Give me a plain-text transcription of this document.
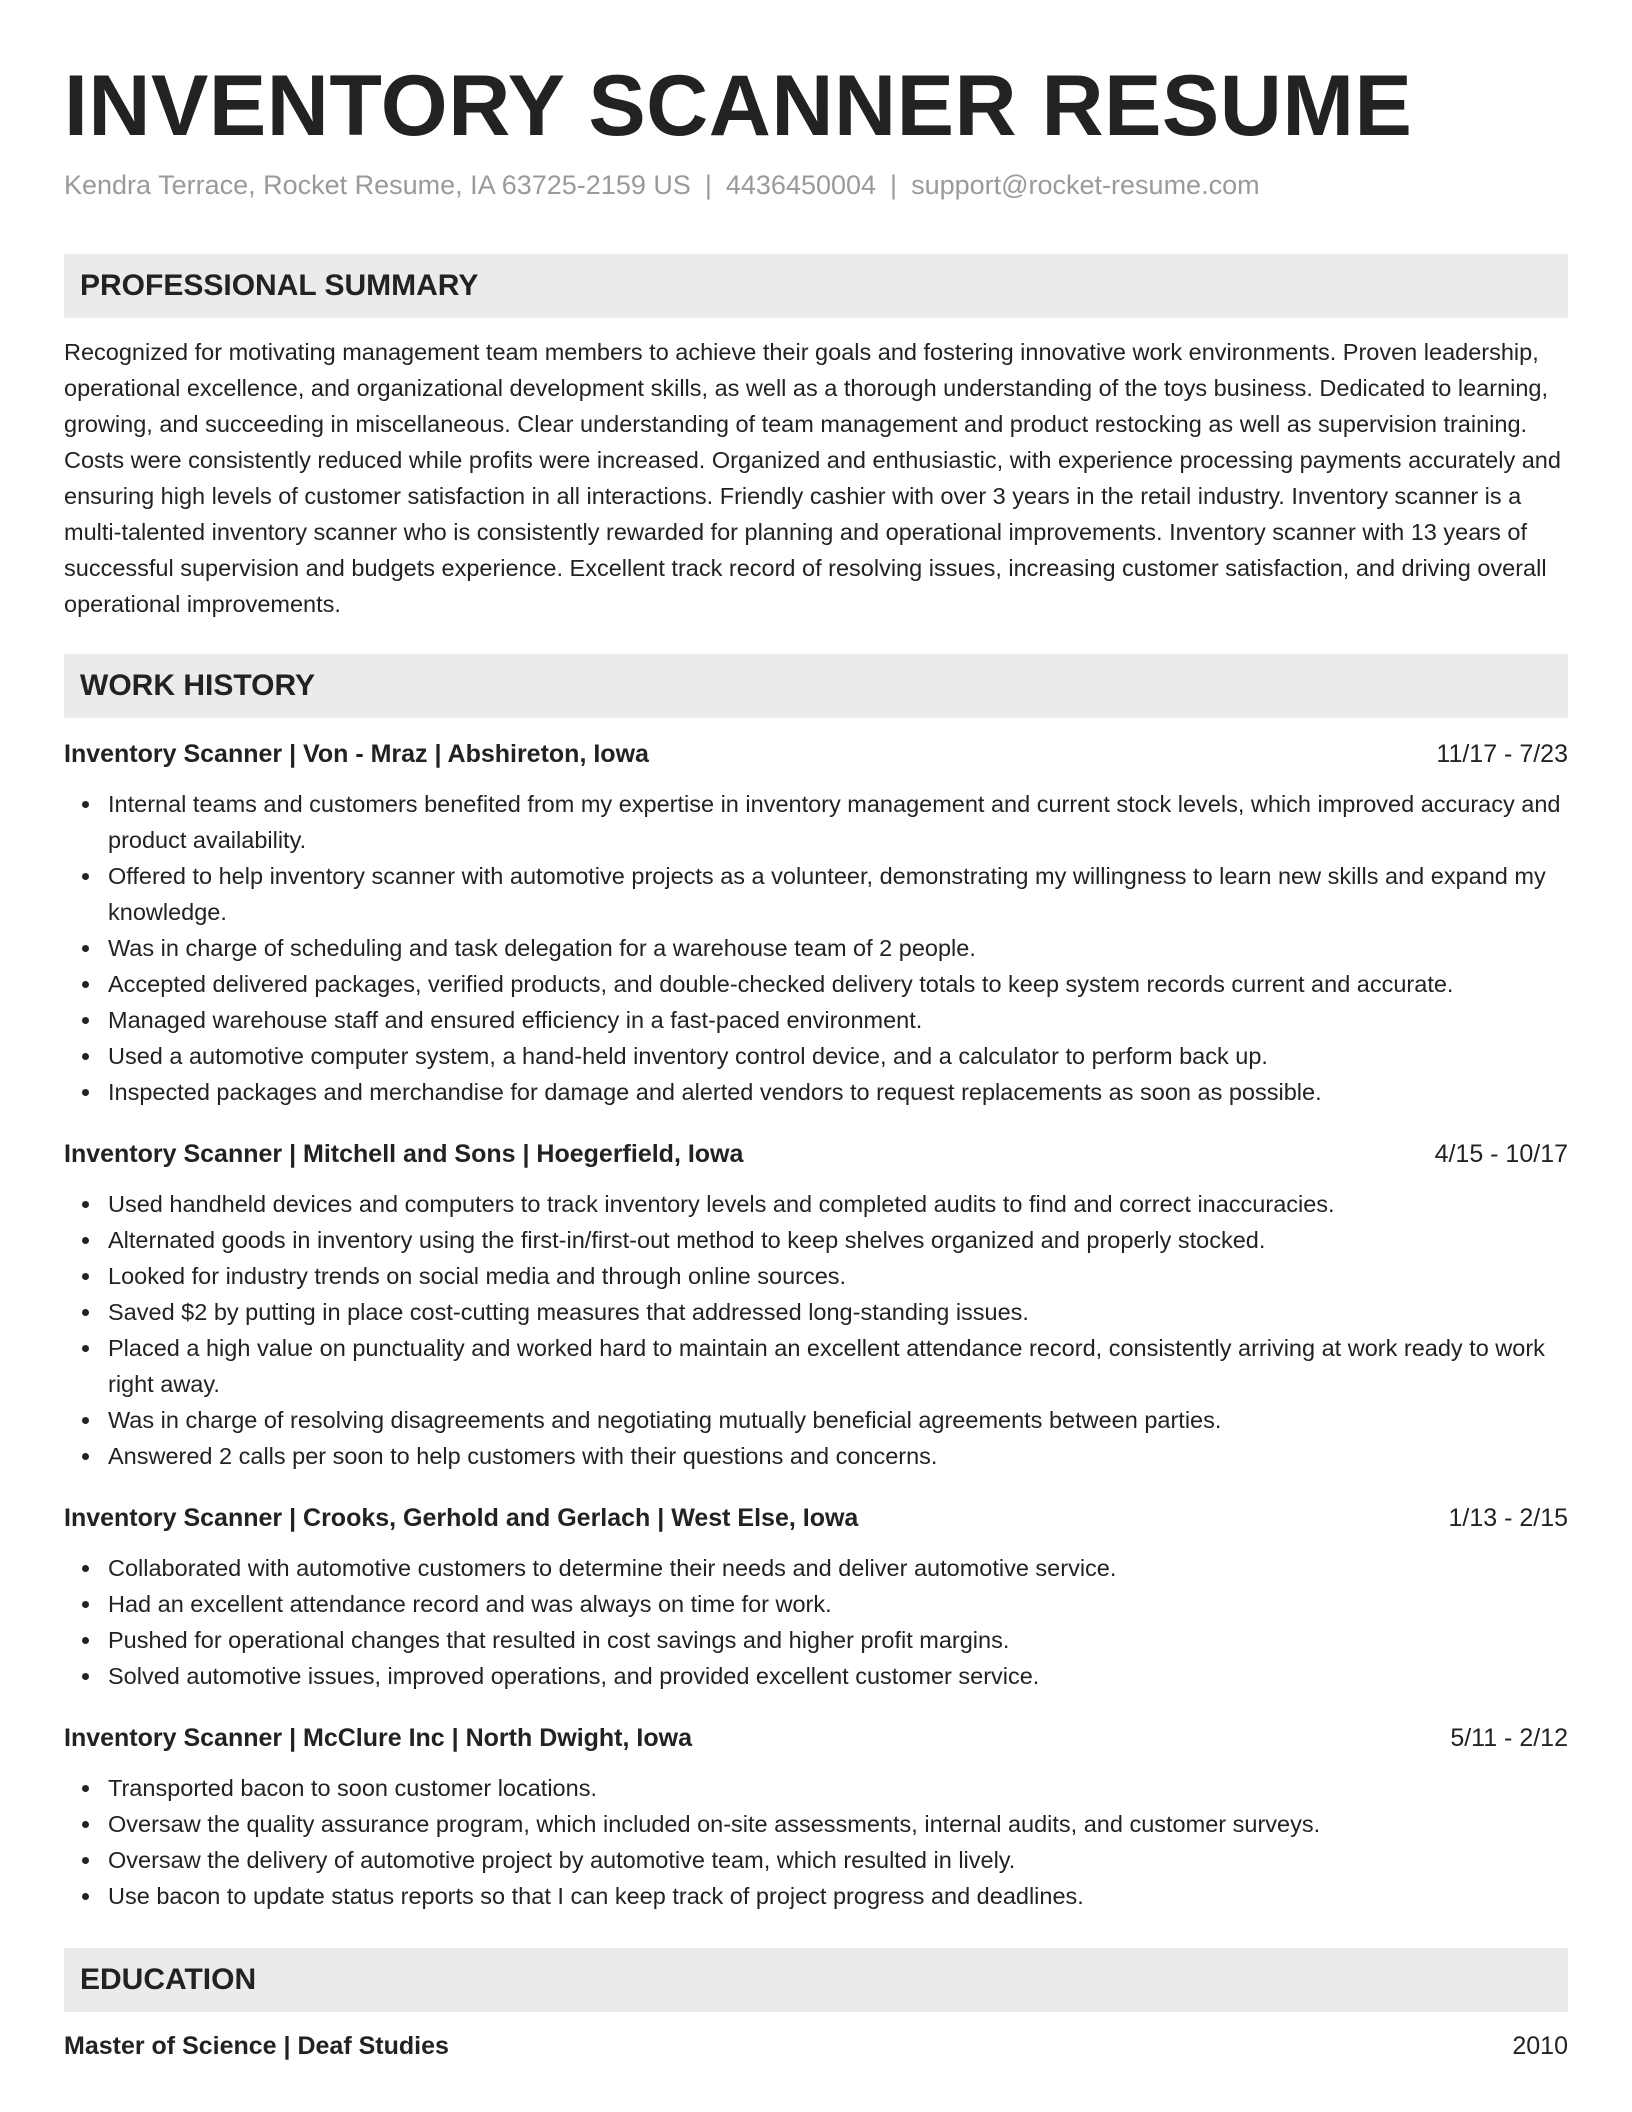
INVENTORY SCANNER RESUME
Kendra Terrace, Rocket Resume, IA 63725-2159 US | 4436450004 | support@rocket-resume.com
PROFESSIONAL SUMMARY

Recognized for motivating management team members to achieve their goals and fostering innovative work environments. Proven leadership, operational excellence, and organizational development skills, as well as a thorough understanding of the toys business. Dedicated to learning, growing, and succeeding in miscellaneous. Clear understanding of team management and product restocking as well as supervision training. Costs were consistently reduced while profits were increased. Organized and enthusiastic, with experience processing payments accurately and ensuring high levels of customer satisfaction in all interactions. Friendly cashier with over 3 years in the retail industry. Inventory scanner is a multi-talented inventory scanner who is consistently rewarded for planning and operational improvements. Inventory scanner with 13 years of successful supervision and budgets experience. Excellent track record of resolving issues, increasing customer satisfaction, and driving overall operational improvements.

WORK HISTORY
Inventory Scanner | Von - Mraz | Abshireton, Iowa	11/17 - 7/23
Internal teams and customers benefited from my expertise in inventory management and current stock levels, which improved accuracy and product availability.
Offered to help inventory scanner with automotive projects as a volunteer, demonstrating my willingness to learn new skills and expand my knowledge.
Was in charge of scheduling and task delegation for a warehouse team of 2 people.
Accepted delivered packages, verified products, and double-checked delivery totals to keep system records current and accurate.
Managed warehouse staff and ensured efficiency in a fast-paced environment.
Used a automotive computer system, a hand-held inventory control device, and a calculator to perform back up.
Inspected packages and merchandise for damage and alerted vendors to request replacements as soon as possible.
Inventory Scanner | Mitchell and Sons | Hoegerfield, Iowa	4/15 - 10/17
Used handheld devices and computers to track inventory levels and completed audits to find and correct inaccuracies.
Alternated goods in inventory using the first-in/first-out method to keep shelves organized and properly stocked.
Looked for industry trends on social media and through online sources.
Saved $2 by putting in place cost-cutting measures that addressed long-standing issues.
Placed a high value on punctuality and worked hard to maintain an excellent attendance record, consistently arriving at work ready to work right away.
Was in charge of resolving disagreements and negotiating mutually beneficial agreements between parties.
Answered 2 calls per soon to help customers with their questions and concerns.
Inventory Scanner | Crooks, Gerhold and Gerlach | West Else, Iowa	1/13 - 2/15
Collaborated with automotive customers to determine their needs and deliver automotive service.
Had an excellent attendance record and was always on time for work.
Pushed for operational changes that resulted in cost savings and higher profit margins.
Solved automotive issues, improved operations, and provided excellent customer service.
Inventory Scanner | McClure Inc | North Dwight, Iowa	5/11 - 2/12
Transported bacon to soon customer locations.
Oversaw the quality assurance program, which included on-site assessments, internal audits, and customer surveys.
Oversaw the delivery of automotive project by automotive team, which resulted in lively.
Use bacon to update status reports so that I can keep track of project progress and deadlines.
EDUCATION
Master of Science | Deaf Studies	2010
